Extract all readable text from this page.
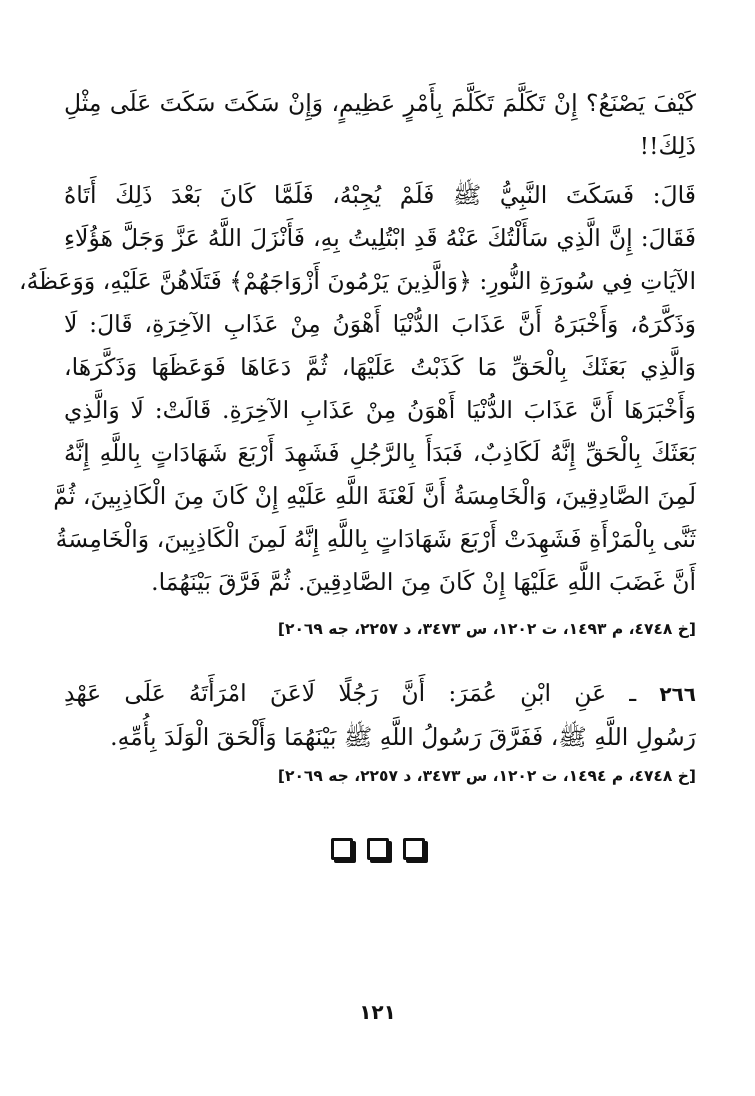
كَيْفَ يَصْنَعُ؟ إِنْ تَكَلَّمَ تَكَلَّمَ بِأَمْرٍ عَظِيمٍ، وَإِنْ سَكَتَ سَكَتَ عَلَى مِثْلِ
ذَلِكَ!!

قَالَ: فَسَكَتَ النَّبِيُّ ﷺ فَلَمْ يُجِبْهُ، فَلَمَّا كَانَ بَعْدَ ذَلِكَ أَتَاهُ
فَقَالَ: إِنَّ الَّذِي سَأَلْتُكَ عَنْهُ قَدِ ابْتُلِيتُ بِهِ، فَأَنْزَلَ اللَّهُ عَزَّ وَجَلَّ هَؤُلَاءِ
الآيَاتِ فِي سُورَةِ النُّورِ: ﴿وَالَّذِينَ يَرْمُونَ أَزْوَاجَهُمْ﴾ فَتَلَاهُنَّ عَلَيْهِ، وَوَعَظَهُ،
وَذَكَّرَهُ، وَأَخْبَرَهُ أَنَّ عَذَابَ الدُّنْيَا أَهْوَنُ مِنْ عَذَابِ الآخِرَةِ، قَالَ: لَا
وَالَّذِي بَعَثَكَ بِالْحَقِّ مَا كَذَبْتُ عَلَيْهَا، ثُمَّ دَعَاهَا فَوَعَظَهَا وَذَكَّرَهَا،
وَأَخْبَرَهَا أَنَّ عَذَابَ الدُّنْيَا أَهْوَنُ مِنْ عَذَابِ الآخِرَةِ. قَالَتْ: لَا وَالَّذِي
بَعَثَكَ بِالْحَقِّ إِنَّهُ لَكَاذِبٌ، فَبَدَأَ بِالرَّجُلِ فَشَهِدَ أَرْبَعَ شَهَادَاتٍ بِاللَّهِ إِنَّهُ
لَمِنَ الصَّادِقِينَ، وَالْخَامِسَةُ أَنَّ لَعْنَةَ اللَّهِ عَلَيْهِ إِنْ كَانَ مِنَ الْكَاذِبِينَ، ثُمَّ
ثَنَّى بِالْمَرْأَةِ فَشَهِدَتْ أَرْبَعَ شَهَادَاتٍ بِاللَّهِ إِنَّهُ لَمِنَ الْكَاذِبِينَ، وَالْخَامِسَةُ
أَنَّ غَضَبَ اللَّهِ عَلَيْهَا إِنْ كَانَ مِنَ الصَّادِقِينَ. ثُمَّ فَرَّقَ بَيْنَهُمَا.

[خ ٤٧٤٨، م ١٤٩٣، ت ١٢٠٢، س ٣٤٧٣، د ٢٢٥٧، جه ٢٠٦٩]

٢٦٦ ـ عَنِ ابْنِ عُمَرَ: أَنَّ رَجُلًا لَاعَنَ امْرَأَتَهُ عَلَى عَهْدِ
رَسُولِ اللَّهِ ﷺ، فَفَرَّقَ رَسُولُ اللَّهِ ﷺ بَيْنَهُمَا وَأَلْحَقَ الْوَلَدَ بِأُمِّهِ.

[خ ٤٧٤٨، م ١٤٩٤، ت ١٢٠٢، س ٣٤٧٣، د ٢٢٥٧، جه ٢٠٦٩]
١٢١
